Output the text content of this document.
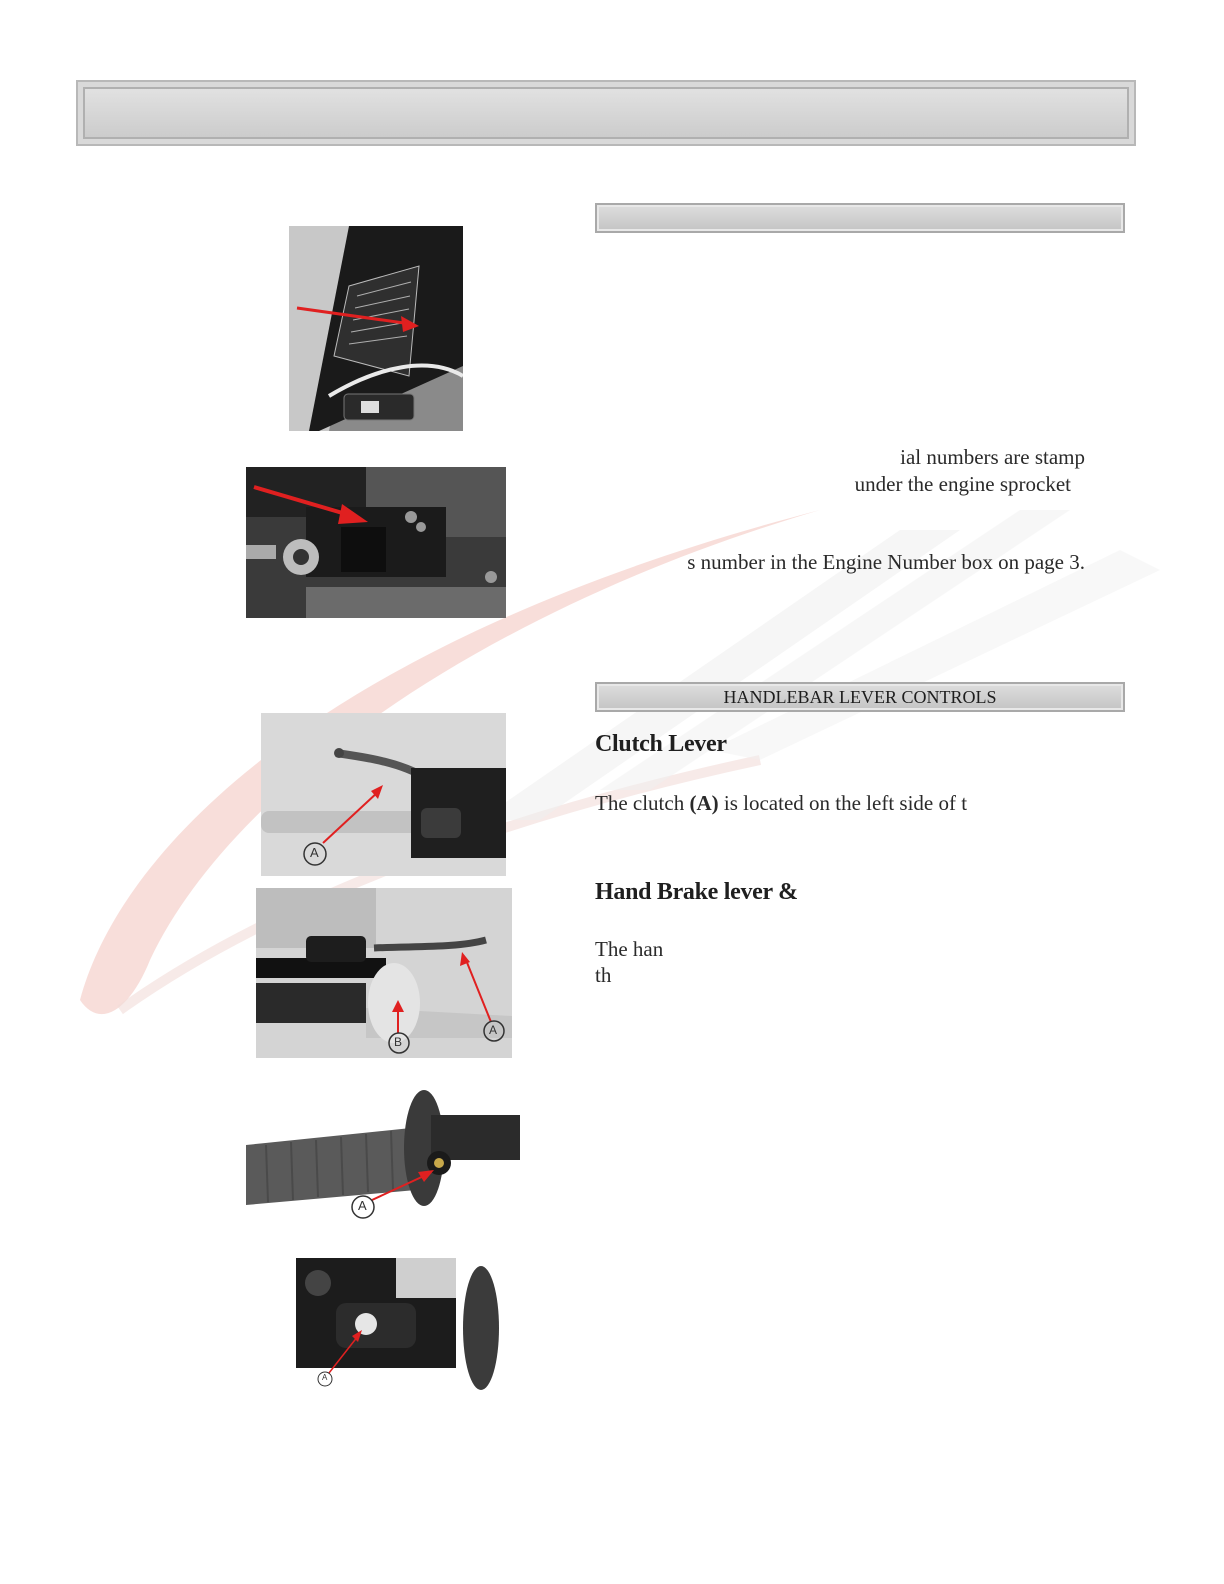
ial numbers are stamp
under the engine sprocket
s number in the Engine Number box on page 3.
HANDLEBAR LEVER CONTROLS
Clutch Lever
The clutch (A) is located on the left side of t
Hand Brake lever &
The han
th
A
B
A
A
A
